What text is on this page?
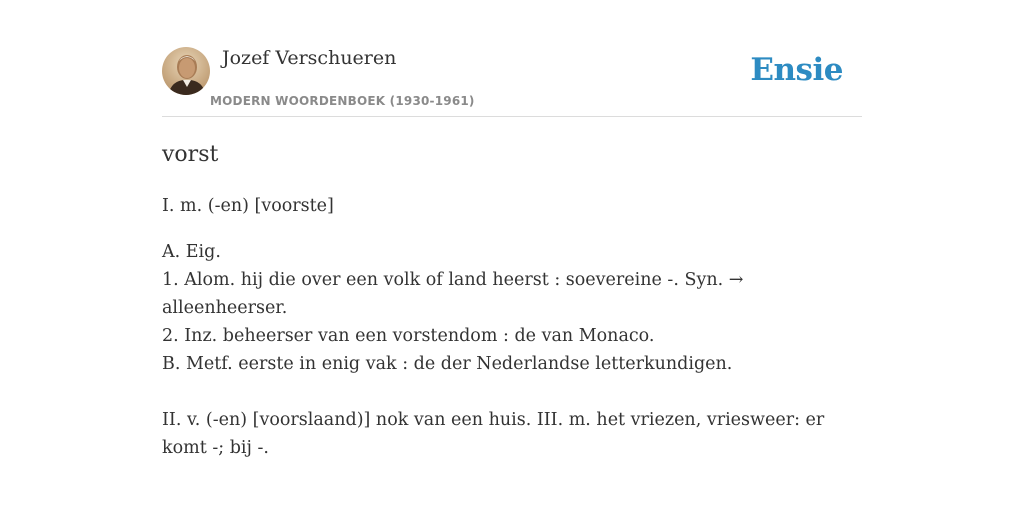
Jozef Verschueren
MODERN WOORDENBOEK (1930-1961)
Ensie
vorst

I. m. (-en) [voorste]

A. Eig.

1. Alom. hij die over een volk of land heerst : soevereine -. Syn. → alleenheerser.

2. Inz. beheerser van een vorstendom : de van Monaco.

B. Metf. eerste in enig vak : de der Nederlandse letterkundigen.

II. v. (-en) [voorslaand)] nok van een huis. III. m. het vriezen, vriesweer: er komt -; bij -.
